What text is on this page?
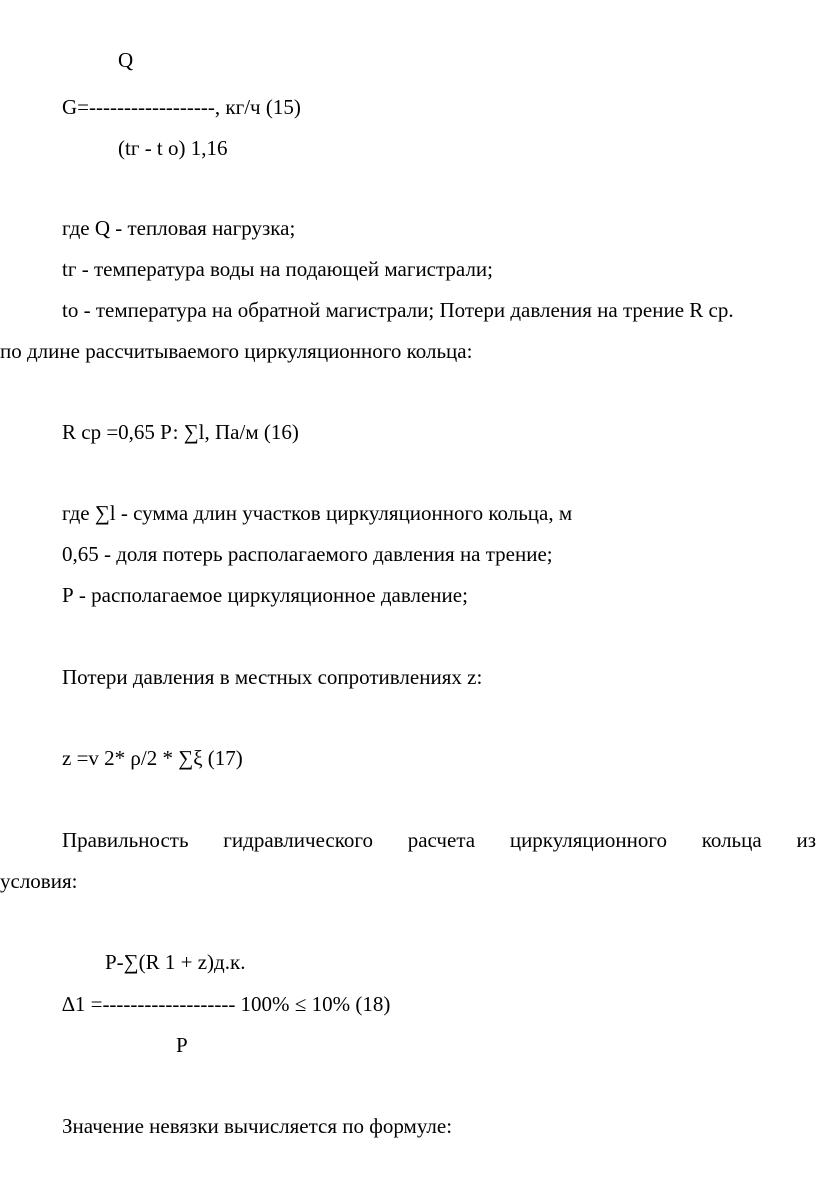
Q
G=------------------, кг/ч (15)
(tг - t о) 1,16
где Q - тепловая нагрузка;
tг - температура воды на подающей магистрали;
to - температура на обратной магистрали; Потери давления на трение R ср.
по длине рассчитываемого циркуляционного кольца:
R ср =0,65 Р: ∑l, Па/м (16)
где ∑l - сумма длин участков циркуляционного кольца, м
0,65 - доля потерь располагаемого давления на трение;
Р - располагаемое циркуляционное давление;
Потери давления в местных сопротивлениях z:
z =v 2* ρ/2 * ∑ξ (17)
Правильность гидравлического расчета циркуляционного кольца из
условия:
Р-∑(R 1 + z)д.к.
∆1 =------------------- 100% ≤ 10% (18)
Р
Значение невязки вычисляется по формуле:
